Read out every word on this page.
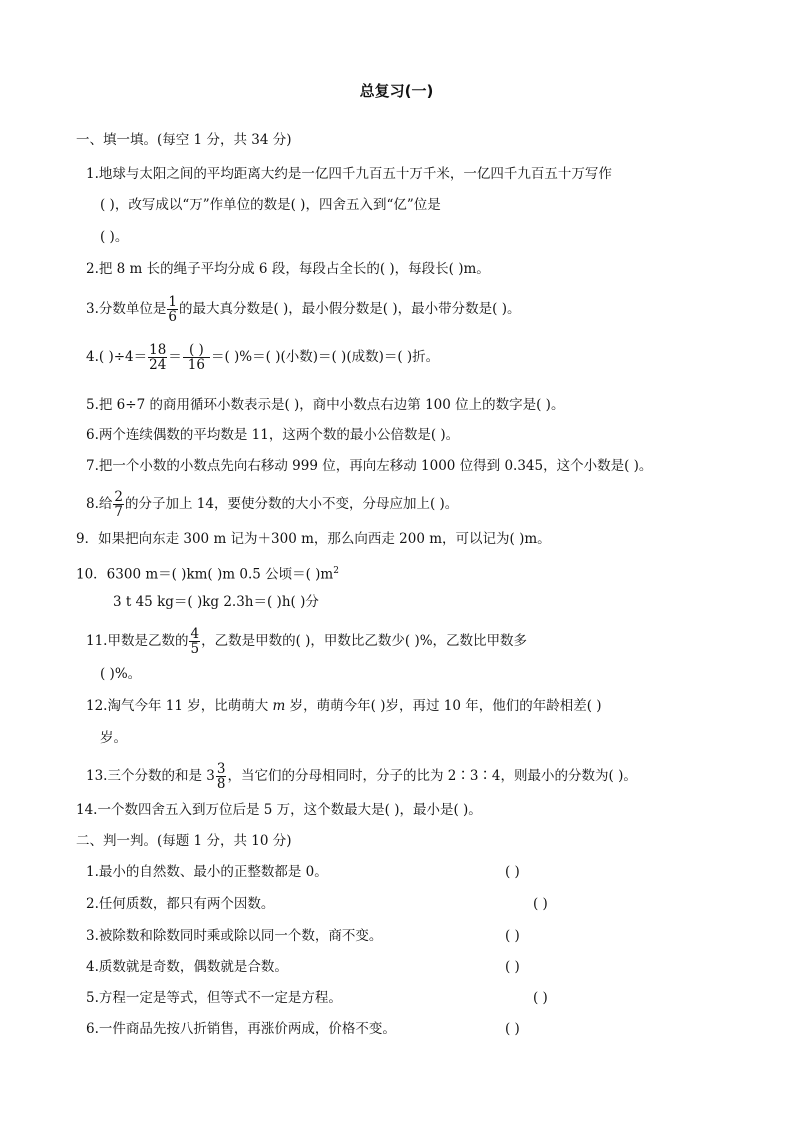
总复习(一)
一、填一填。(每空 1 分，共 34 分)
1.地球与太阳之间的平均距离大约是一亿四千九百五十万千米，一亿四千九百五十万写作
( )，改写成以“万”作单位的数是( )，四舍五入到“亿”位是
( )。
2.把 8 m 长的绳子平均分成 6 段，每段占全长的( )，每段长( )m。
3.分数单位是 $\frac{1}{6}$ 的最大真分数是( )，最小假分数是( )，最小带分数是( )。
4.( )$\div 4= \frac{18}{24}$ ＝ ( )
16 ＝( )%＝( )(小数)＝( )(成数)＝( )折。
5.把 6÷7 的商用循环小数表示是( )，商中小数点右边第 100 位上的数字是( )。
6.两个连续偶数的平均数是 11，这两个数的最小公倍数是( )。
7.把一个小数的小数点先向右移动 999 位，再向左移动 1000 位得到 0.345，这个小数是( )。
8.给 $\frac{2}{7}$ 的分子加上 14，要使分数的大小不变，分母应加上( )。
9．如果把向东走 300 m 记为＋300 m，那么向西走 200 m，可以记为( )m。
10．6300 m＝( )km( )m 0.5 公顷＝( )$m^2$
3 t 45 kg＝( )kg 2.3h＝( )h( )分
11.甲数是乙数的 $\frac{4}{5}$ ，乙数是甲数的( )，甲数比乙数少( )%，乙数比甲数多
( )%。
12.淘气今年 11 岁，比萌萌大 m 岁，萌萌今年( )岁，再过 10 年，他们的年龄相差( )
岁。
13.三个分数的和是 $3 \frac{3}{8}$ ，当它们的分母相同时，分子的比为 2∶3∶4，则最小的分数为( )。
14.一个数四舍五入到万位后是 5 万，这个数最大是( )，最小是( )。
二、判一判。(每题 1 分，共 10 分)
1.最小的自然数、最小的正整数都是 0。	( )
2.任何质数，都只有两个因数。	( )
3.被除数和除数同时乘或除以同一个数，商不变。	( )
4.质数就是奇数，偶数就是合数。	( )
5.方程一定是等式，但等式不一定是方程。	( )
6.一件商品先按八折销售，再涨价两成，价格不变。	( )
